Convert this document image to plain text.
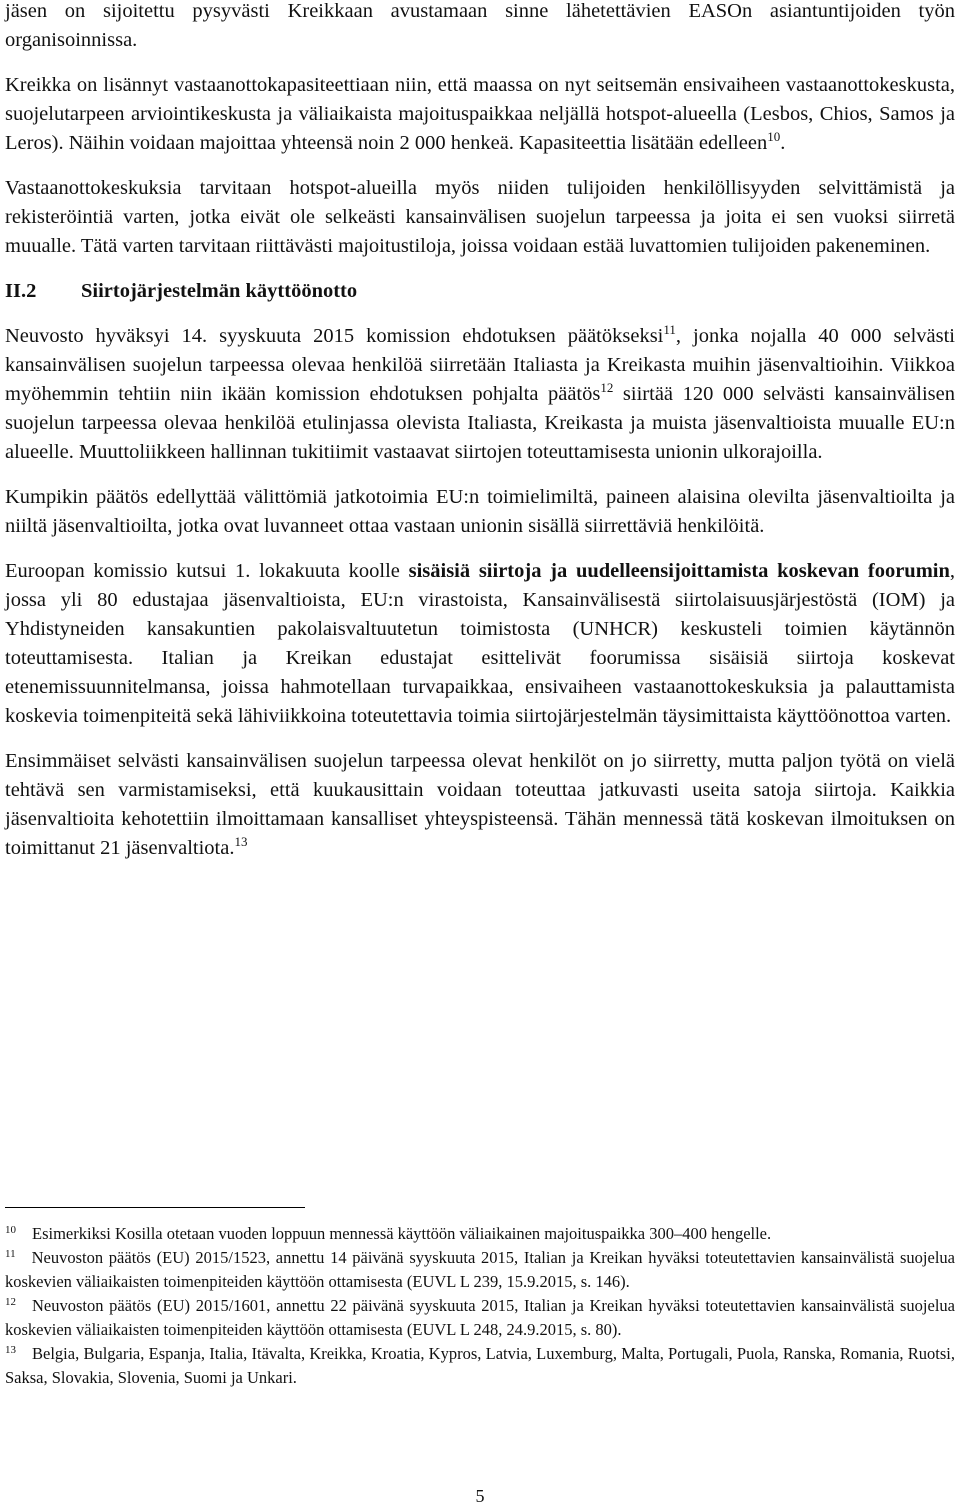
jäsen on sijoitettu pysyvästi Kreikkaan avustamaan sinne lähetettävien EASOn asiantuntijoiden työn organisoinnissa.

Kreikka on lisännyt vastaanottokapasiteettiaan niin, että maassa on nyt seitsemän ensivaiheen vastaanottokeskusta, suojelutarpeen arviointikeskusta ja väliaikaista majoituspaikkaa neljällä hotspot-alueella (Lesbos, Chios, Samos ja Leros). Näihin voidaan majoittaa yhteensä noin 2 000 henkeä. Kapasiteettia lisätään edelleen$^{10}$.

Vastaanottokeskuksia tarvitaan hotspot-alueilla myös niiden tulijoiden henkilöllisyyden selvittämistä ja rekisteröintiä varten, jotka eivät ole selkeästi kansainvälisen suojelun tarpeessa ja joita ei sen vuoksi siirretä muualle. Tätä varten tarvitaan riittävästi majoitustiloja, joissa voidaan estää luvattomien tulijoiden pakeneminen.

II.2	Siirtojärjestelmän käyttöönotto

Neuvosto hyväksyi 14. syyskuuta 2015 komission ehdotuksen päätökseksi$^{11}$, jonka nojalla 40 000 selvästi kansainvälisen suojelun tarpeessa olevaa henkilöä siirretään Italiasta ja Kreikasta muihin jäsenvaltioihin. Viikkoa myöhemmin tehtiin niin ikään komission ehdotuksen pohjalta päätös$^{12}$ siirtää 120 000 selvästi kansainvälisen suojelun tarpeessa olevaa henkilöä etulinjassa olevista Italiasta, Kreikasta ja muista jäsenvaltioista muualle EU:n alueelle. Muuttoliikkeen hallinnan tukitiimit vastaavat siirtojen toteuttamisesta unionin ulkorajoilla.

Kumpikin päätös edellyttää välittömiä jatkotoimia EU:n toimielimiltä, paineen alaisina olevilta jäsenvaltioilta ja niiltä jäsenvaltioilta, jotka ovat luvanneet ottaa vastaan unionin sisällä siirrettäviä henkilöitä.

Euroopan komissio kutsui 1. lokakuuta koolle sisäisiä siirtoja ja uudelleensijoittamista koskevan foorumin, jossa yli 80 edustajaa jäsenvaltioista, EU:n virastoista, Kansainvälisestä siirtolaisuusjärjestöstä (IOM) ja Yhdistyneiden kansakuntien pakolaisvaltuutetun toimistosta (UNHCR) keskusteli toimien käytännön toteuttamisesta. Italian ja Kreikan edustajat esittelivät foorumissa sisäisiä siirtoja koskevat etenemissuunnitelmansa, joissa hahmotellaan turvapaikkaa, ensivaiheen vastaanottokeskuksia ja palauttamista koskevia toimenpiteitä sekä lähiviikkoina toteutettavia toimia siirtojärjestelmän täysimittaista käyttöönottoa varten.

Ensimmäiset selvästi kansainvälisen suojelun tarpeessa olevat henkilöt on jo siirretty, mutta paljon työtä on vielä tehtävä sen varmistamiseksi, että kuukausittain voidaan toteuttaa jatkuvasti useita satoja siirtoja. Kaikkia jäsenvaltioita kehotettiin ilmoittamaan kansalliset yhteyspisteensä. Tähän mennessä tätä koskevan ilmoituksen on toimittanut 21 jäsenvaltiota.$^{13}$

$^{10}$ Esimerkiksi Kosilla otetaan vuoden loppuun mennessä käyttöön väliaikainen majoituspaikka 300–400 hengelle.

$^{11}$ Neuvoston päätös (EU) 2015/1523, annettu 14 päivänä syyskuuta 2015, Italian ja Kreikan hyväksi toteutettavien kansainvälistä suojelua koskevien väliaikaisten toimenpiteiden käyttöön ottamisesta (EUVL L 239, 15.9.2015, s. 146).

$^{12}$ Neuvoston päätös (EU) 2015/1601, annettu 22 päivänä syyskuuta 2015, Italian ja Kreikan hyväksi toteutettavien kansainvälistä suojelua koskevien väliaikaisten toimenpiteiden käyttöön ottamisesta (EUVL L 248, 24.9.2015, s. 80).

$^{13}$ Belgia, Bulgaria, Espanja, Italia, Itävalta, Kreikka, Kroatia, Kypros, Latvia, Luxemburg, Malta, Portugali, Puola, Ranska, Romania, Ruotsi, Saksa, Slovakia, Slovenia, Suomi ja Unkari.

5
